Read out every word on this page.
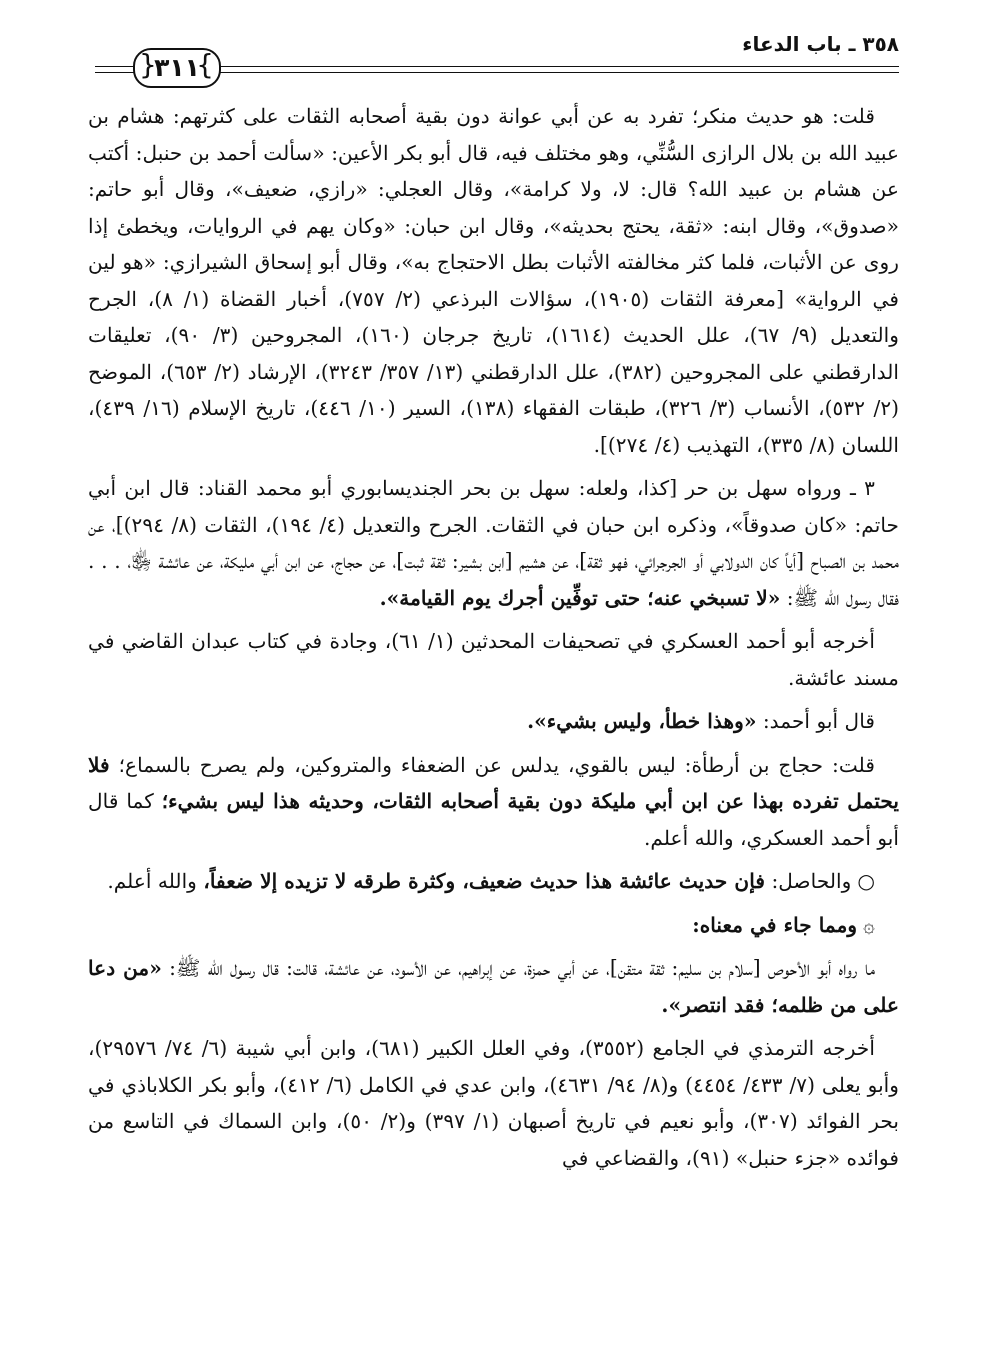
٣٥٨ ـ باب الدعاء
{
٣١١
}

قلت: هو حديث منكر؛ تفرد به عن أبي عوانة دون بقية أصحابه الثقات على كثرتهم: هشام بن عبيد الله بن بلال الرازى السُّنِّي، وهو مختلف فيه، قال أبو بكر الأعين: «سألت أحمد بن حنبل: أكتب عن هشام بن عبيد الله؟ قال: لا، ولا كرامة»، وقال العجلي: «رازي، ضعيف»، وقال أبو حاتم: «صدوق»، وقال ابنه: «ثقة، يحتج بحديثه»، وقال ابن حبان: «وكان يهم في الروايات، ويخطئ إذا روى عن الأثبات، فلما كثر مخالفته الأثبات بطل الاحتجاج به»، وقال أبو إسحاق الشيرازي: «هو لين في الرواية» [معرفة الثقات (١٩٠٥)، سؤالات البرذعي (٢/ ٧٥٧)، أخبار القضاة (١/ ٨)، الجرح والتعديل (٩/ ٦٧)، علل الحديث (١٦١٤)، تاريخ جرجان (١٦٠)، المجروحين (٣/ ٩٠)، تعليقات الدارقطني على المجروحين (٣٨٢)، علل الدارقطني (١٣/ ٣٥٧/ ٣٢٤٣)، الإرشاد (٢/ ٦٥٣)، الموضح (٢/ ٥٣٢)، الأنساب (٣/ ٣٢٦)، طبقات الفقهاء (١٣٨)، السير (١٠/ ٤٤٦)، تاريخ الإسلام (١٦/ ٤٣٩)، اللسان (٨/ ٣٣٥)، التهذيب (٤/ ٢٧٤)].

٣ ـ ورواه سهل بن حر [كذا، ولعله: سهل بن بحر الجنديسابوري أبو محمد القناد: قال ابن أبي حاتم: «كان صدوقاً»، وذكره ابن حبان في الثقات. الجرح والتعديل (٤/ ١٩٤)، الثقات (٨/ ٢٩٤)]، عن محمد بن الصباح [أياً كان الدولابي أو الجرجرائي، فهو ثقة]، عن هشيم [ابن بشير: ثقة ثبت]، عن حجاج، عن ابن أبي مليكة، عن عائشة ﵂، . . . فقال رسول الله ﷺ: «لا تسبخي عنه؛ حتى توفِّين أجرك يوم القيامة».

أخرجه أبو أحمد العسكري في تصحيفات المحدثين (١/ ٦١)، وجادة في كتاب عبدان القاضي في مسند عائشة.

قال أبو أحمد: «وهذا خطأ، وليس بشيء».

قلت: حجاج بن أرطأة: ليس بالقوي، يدلس عن الضعفاء والمتروكين، ولم يصرح بالسماع؛ فلا يحتمل تفرده بهذا عن ابن أبي مليكة دون بقية أصحابه الثقات، وحديثه هذا ليس بشيء؛ كما قال أبو أحمد العسكري، والله أعلم.

○والحاصل: فإن حديث عائشة هذا حديث ضعيف، وكثرة طرقه لا تزيده إلا ضعفاً، والله أعلم.

۞ومما جاء في معناه:

ما رواه أبو الأحوص [سلام بن سليم: ثقة متقن]، عن أبي حمزة، عن إبراهيم، عن الأسود، عن عائشة، قالت: قال رسول الله ﷺ: «من دعا على من ظلمه؛ فقد انتصر».

أخرجه الترمذي في الجامع (٣٥٥٢)، وفي العلل الكبير (٦٨١)، وابن أبي شيبة (٦/ ٧٤/ ٢٩٥٧٦)، وأبو يعلى (٧/ ٤٣٣/ ٤٤٥٤) و(٨/ ٩٤/ ٤٦٣١)، وابن عدي في الكامل (٦/ ٤١٢)، وأبو بكر الكلاباذي في بحر الفوائد (٣٠٧)، وأبو نعيم في تاريخ أصبهان (١/ ٣٩٧) و(٢/ ٥٠)، وابن السماك في التاسع من فوائده «جزء حنبل» (٩١)، والقضاعي في
